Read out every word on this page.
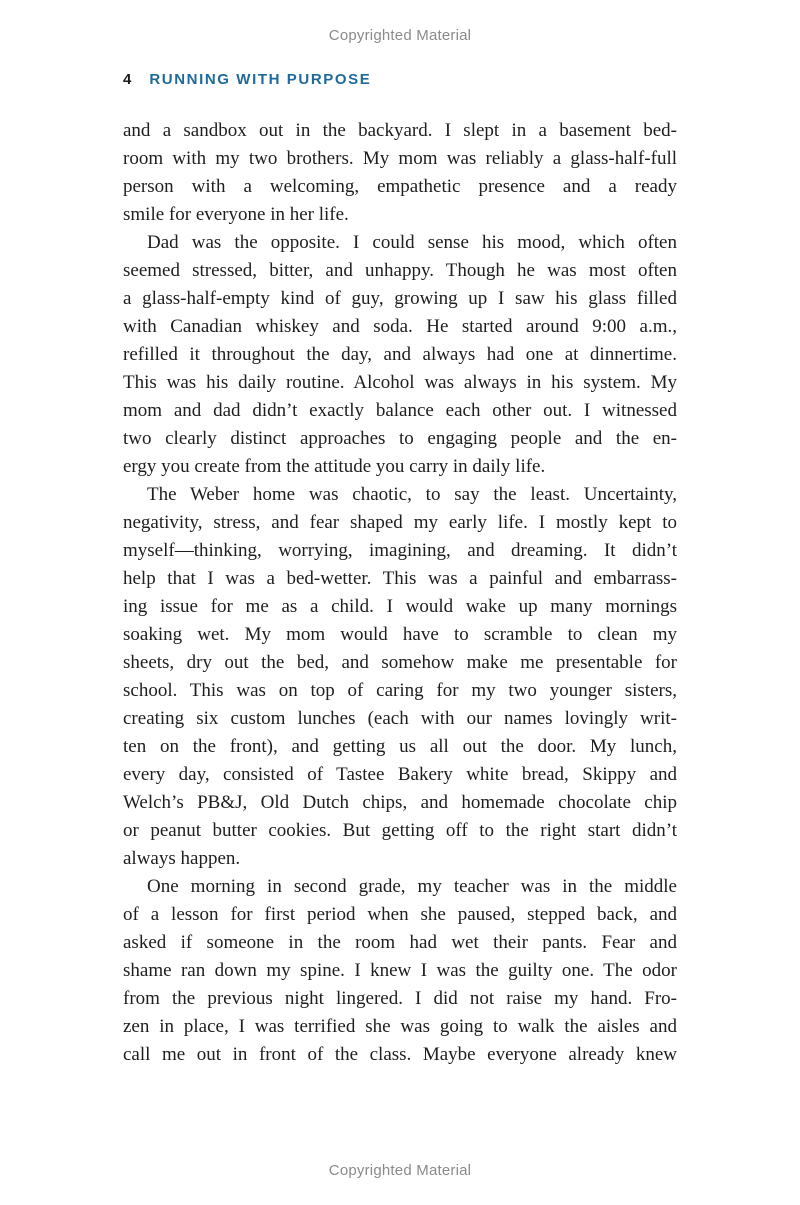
Copyrighted Material
4 RUNNING WITH PURPOSE

and a sandbox out in the backyard. I slept in a basement bed-

room with my two brothers. My mom was reliably a glass-half-full

person with a welcoming, empathetic presence and a ready

smile for everyone in her life.

Dad was the opposite. I could sense his mood, which often

seemed stressed, bitter, and unhappy. Though he was most often

a glass-half-empty kind of guy, growing up I saw his glass filled

with Canadian whiskey and soda. He started around 9:00 a.m.,

refilled it throughout the day, and always had one at dinnertime.

This was his daily routine. Alcohol was always in his system. My

mom and dad didn’t exactly balance each other out. I witnessed

two clearly distinct approaches to engaging people and the en-

ergy you create from the attitude you carry in daily life.

The Weber home was chaotic, to say the least. Uncertainty,

negativity, stress, and fear shaped my early life. I mostly kept to

myself—thinking, worrying, imagining, and dreaming. It didn’t

help that I was a bed-wetter. This was a painful and embarrass-

ing issue for me as a child. I would wake up many mornings

soaking wet. My mom would have to scramble to clean my

sheets, dry out the bed, and somehow make me presentable for

school. This was on top of caring for my two younger sisters,

creating six custom lunches (each with our names lovingly writ-

ten on the front), and getting us all out the door. My lunch,

every day, consisted of Tastee Bakery white bread, Skippy and

Welch’s PB&J, Old Dutch chips, and homemade chocolate chip

or peanut butter cookies. But getting off to the right start didn’t

always happen.

One morning in second grade, my teacher was in the middle

of a lesson for first period when she paused, stepped back, and

asked if someone in the room had wet their pants. Fear and

shame ran down my spine. I knew I was the guilty one. The odor

from the previous night lingered. I did not raise my hand. Fro-

zen in place, I was terrified she was going to walk the aisles and

call me out in front of the class. Maybe everyone already knew

Copyrighted Material
